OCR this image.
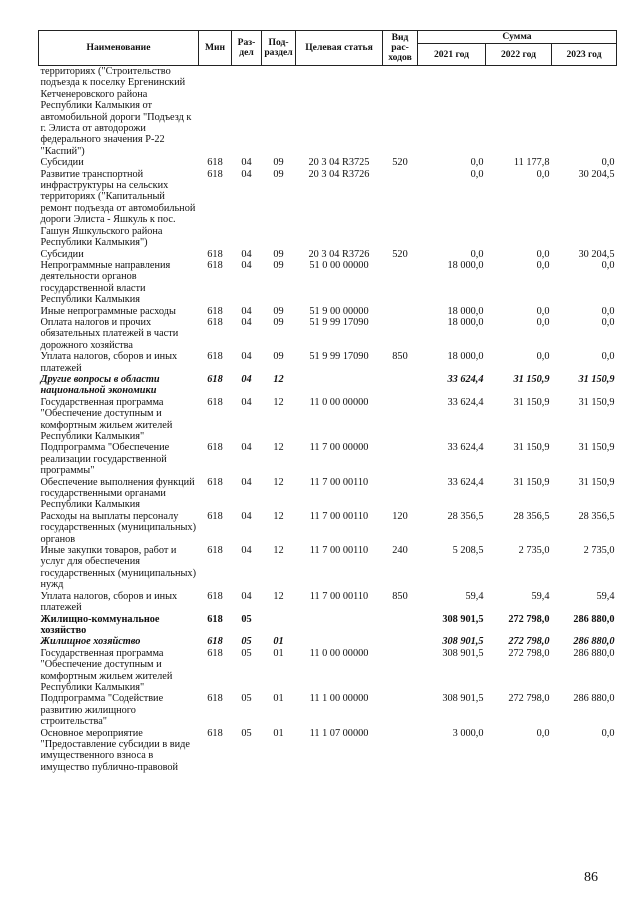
Наименование	Мин	Раз-дел	Под-раздел	Целевая статья	Вид рас-ходов	Сумма		
						2021 год	2022 год	2023 год
территориях ("Строительство подъезда к поселку Ергенинский Кетченеровского района Республики Калмыкия от автомобильной дороги "Подъезд к г. Элиста от автодорожи федерального значения Р-22 "Каспий")								
Субсидии	618	04	09	20 3 04 R3725	520	0,0	11 177,8	0,0
Развитие транспортной инфраструктуры на сельских территориях ("Капитальный ремонт подъезда от автомобильной дороги Элиста - Яшкуль к пос. Гашун Яшкульского района Республики Калмыкия")	618	04	09	20 3 04 R3726		0,0	0,0	30 204,5
Субсидии	618	04	09	20 3 04 R3726	520	0,0	0,0	30 204,5
Непрограммные направления деятельности органов государственной власти Республики Калмыкия	618	04	09	51 0 00 00000		18 000,0	0,0	0,0
Иные непрограммные расходы	618	04	09	51 9 00 00000		18 000,0	0,0	0,0
Оплата налогов и прочих обязательных платежей в части дорожного хозяйства	618	04	09	51 9 99 17090		18 000,0	0,0	0,0
Уплата налогов, сборов и иных платежей	618	04	09	51 9 99 17090	850	18 000,0	0,0	0,0
Другие вопросы в области национальной экономики	618	04	12			33 624,4	31 150,9	31 150,9
Государственная программа "Обеспечение доступным и комфортным жильем жителей Республики Калмыкия"	618	04	12	11 0 00 00000		33 624,4	31 150,9	31 150,9
Подпрограмма "Обеспечение реализации государственной программы"	618	04	12	11 7 00 00000		33 624,4	31 150,9	31 150,9
Обеспечение выполнения функций государственными органами Республики Калмыкия	618	04	12	11 7 00 00110		33 624,4	31 150,9	31 150,9
Расходы на выплаты персоналу государственных (муниципальных) органов	618	04	12	11 7 00 00110	120	28 356,5	28 356,5	28 356,5
Иные закупки товаров, работ и услуг для обеспечения государственных (муниципальных) нужд	618	04	12	11 7 00 00110	240	5 208,5	2 735,0	2 735,0
Уплата налогов, сборов и иных платежей	618	04	12	11 7 00 00110	850	59,4	59,4	59,4
Жилищно-коммунальное хозяйство	618	05				308 901,5	272 798,0	286 880,0
Жилищное хозяйство	618	05	01			308 901,5	272 798,0	286 880,0
Государственная программа "Обеспечение доступным и комфортным жильем жителей Республики Калмыкия"	618	05	01	11 0 00 00000		308 901,5	272 798,0	286 880,0
Подпрограмма "Содействие развитию жилищного строительства"	618	05	01	11 1 00 00000		308 901,5	272 798,0	286 880,0
Основное мероприятие "Предоставление субсидии в виде имущественного взноса в имущество публично-правовой	618	05	01	11 1 07 00000		3 000,0	0,0	0,0
86
